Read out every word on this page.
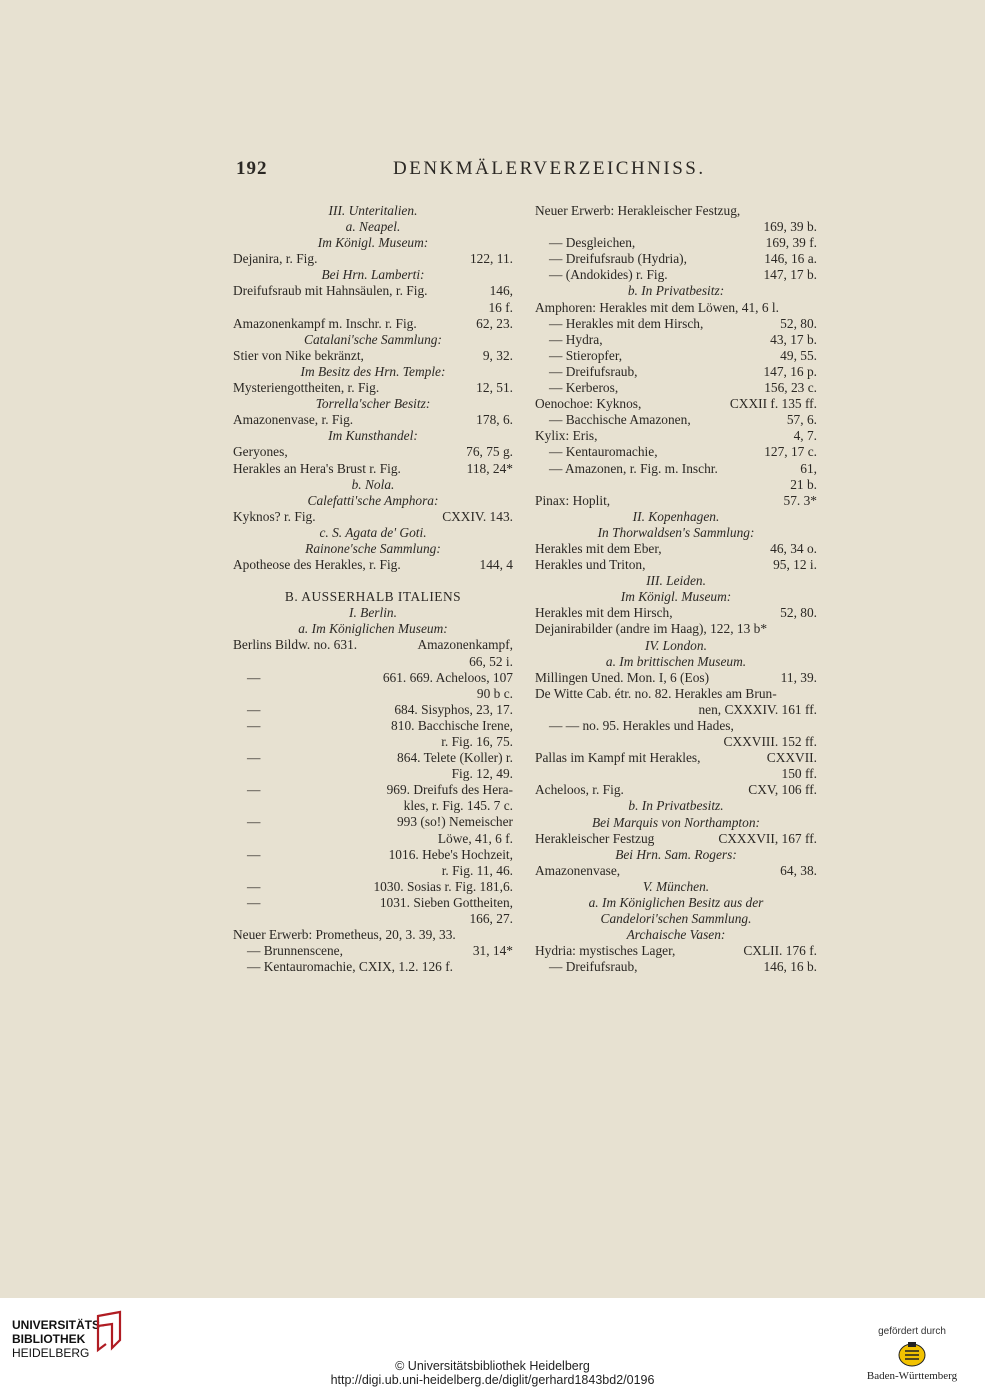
192	DENKMÄLERVERZEICHNISS.
III. Unteritalien.
a. Neapel.
Im Königl. Museum:
Dejanira, r. Fig.	122, 11.
Bei Hrn. Lamberti:
Dreifufsraub mit Hahnsäulen, r. Fig.	146,
16 f.
Amazonenkampf m. Inschr. r. Fig.	62, 23.
Catalani'sche Sammlung:
Stier von Nike bekränzt,	9, 32.
Im Besitz des Hrn. Temple:
Mysteriengottheiten, r. Fig.	12, 51.
Torrella'scher Besitz:
Amazonenvase, r. Fig.	178, 6.
Im Kunsthandel:
Geryones,	76, 75 g.
Herakles an Hera's Brust r. Fig.	118, 24*
b. Nola.
Calefatti'sche Amphora:
Kyknos? r. Fig.	CXXIV. 143.
c. S. Agata de' Goti.
Rainone'sche Sammlung:
Apotheose des Herakles, r. Fig.	144, 4
B. AUSSERHALB ITALIENS
I. Berlin.
a. Im Königlichen Museum:
Berlins Bildw. no. 631.	Amazonenkampf,
66, 52 i.
—	661. 669. Acheloos, 107
90 b c.
—	684. Sisyphos, 23, 17.
—	810. Bacchische Irene,
r. Fig. 16, 75.
—	864. Telete (Koller) r.
Fig. 12, 49.
—	969. Dreifufs des Hera-
kles, r. Fig. 145. 7 c.
—	993 (so!) Nemeischer
Löwe, 41, 6 f.
—	1016. Hebe's Hochzeit,
r. Fig. 11, 46.
—	1030. Sosias r. Fig. 181,6.
—	1031. Sieben Gottheiten,
166, 27.
Neuer Erwerb: Prometheus, 20, 3. 39, 33.
— Brunnenscene,	31, 14*
— Kentauromachie, CXIX, 1.2. 126 f.
Neuer Erwerb: Herakleischer Festzug,
169, 39 b.
— Desgleichen,	169, 39 f.
— Dreifufsraub (Hydria),	146, 16 a.
— (Andokides) r. Fig.	147, 17 b.
b. In Privatbesitz:
Amphoren: Herakles mit dem Löwen, 41, 6 l.
— Herakles mit dem Hirsch,	52, 80.
— Hydra,	43, 17 b.
— Stieropfer,	49, 55.
— Dreifufsraub,	147, 16 p.
— Kerberos,	156, 23 c.
Oenochoe: Kyknos,	CXXII f. 135 ff.
— Bacchische Amazonen,	57, 6.
Kylix: Eris,	4, 7.
— Kentauromachie,	127, 17 c.
— Amazonen, r. Fig. m. Inschr.	61,
21 b.
Pinax: Hoplit,	57. 3*
II. Kopenhagen.
In Thorwaldsen's Sammlung:
Herakles mit dem Eber,	46, 34 o.
Herakles und Triton,	95, 12 i.
III. Leiden.
Im Königl. Museum:
Herakles mit dem Hirsch,	52, 80.
Dejanirabilder (andre im Haag), 122, 13 b*
IV. London.
a. Im brittischen Museum.
Millingen Uned. Mon. I, 6 (Eos)	11, 39.
De Witte Cab. étr. no. 82. Herakles am Brun-
nen, CXXXIV. 161 ff.
— — no. 95. Herakles und Hades,
CXXVIII. 152 ff.
Pallas im Kampf mit Herakles,	CXXVII.
150 ff.
Acheloos, r. Fig.	CXV, 106 ff.
b. In Privatbesitz.
Bei Marquis von Northampton:
Herakleischer Festzug	CXXXVII, 167 ff.
Bei Hrn. Sam. Rogers:
Amazonenvase,	64, 38.
V. München.
a. Im Königlichen Besitz aus der
Candelori'schen Sammlung.
Archaische Vasen:
Hydria: mystisches Lager,	CXLII. 176 f.
— Dreifufsraub,	146, 16 b.
UNIVERSITÄTS-
BIBLIOTHEK
HEIDELBERG
© Universitätsbibliothek Heidelberg
http://digi.ub.uni-heidelberg.de/diglit/gerhard1843bd2/0196
gefördert durch
Baden-Württemberg
